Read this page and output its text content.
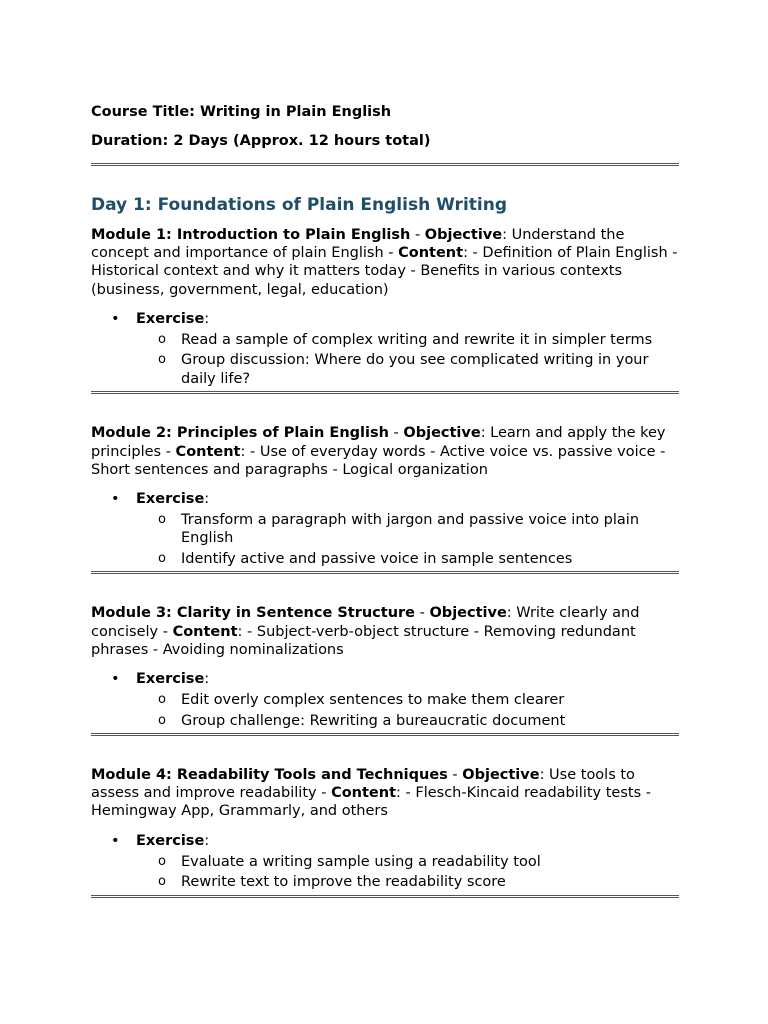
Course Title: Writing in Plain English

Duration: 2 Days (Approx. 12 hours total)

Day 1: Foundations of Plain English Writing

Module 1: Introduction to Plain English - Objective: Understand the concept and importance of plain English - Content: - Definition of Plain English - Historical context and why it matters today - Benefits in various contexts (business, government, legal, education)

• Exercise:
o Read a sample of complex writing and rewrite it in simpler terms
o Group discussion: Where do you see complicated writing in your daily life?

Module 2: Principles of Plain English - Objective: Learn and apply the key principles - Content: - Use of everyday words - Active voice vs. passive voice - Short sentences and paragraphs - Logical organization

• Exercise:
o Transform a paragraph with jargon and passive voice into plain English
o Identify active and passive voice in sample sentences

Module 3: Clarity in Sentence Structure - Objective: Write clearly and concisely - Content: - Subject-verb-object structure - Removing redundant phrases - Avoiding nominalizations

• Exercise:
o Edit overly complex sentences to make them clearer
o Group challenge: Rewriting a bureaucratic document

Module 4: Readability Tools and Techniques - Objective: Use tools to assess and improve readability - Content: - Flesch-Kincaid readability tests - Hemingway App, Grammarly, and others

• Exercise:
o Evaluate a writing sample using a readability tool
o Rewrite text to improve the readability score
